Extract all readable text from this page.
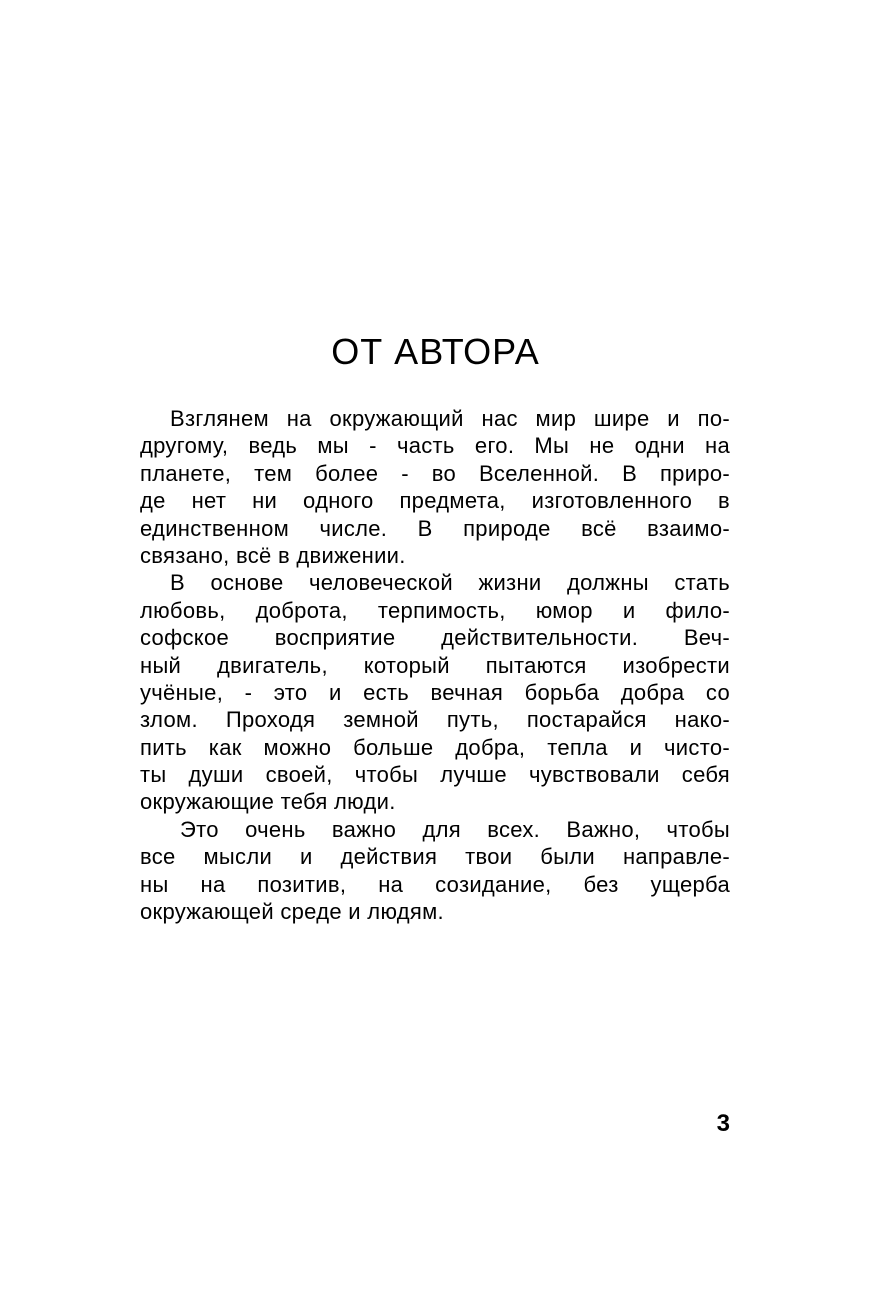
ОТ АВТОРА
Взглянем на окружающий нас мир шире и по-
другому, ведь мы - часть его. Мы не одни на
планете, тем более - во Вселенной. В приро-
де нет ни одного предмета, изготовленного в
единственном числе. В природе всё взаимо-
связано, всё в движении.
В основе человеческой жизни должны стать
любовь, доброта, терпимость, юмор и фило-
софское восприятие действительности. Веч-
ный двигатель, который пытаются изобрести
учёные, - это и есть вечная борьба добра со
злом. Проходя земной путь, постарайся нако-
пить как можно больше добра, тепла и чисто-
ты души своей, чтобы лучше чувствовали себя
окружающие тебя люди.
Это очень важно для всех. Важно, чтобы
все мысли и действия твои были направле-
ны на позитив, на созидание, без ущерба
окружающей среде и людям.
3
